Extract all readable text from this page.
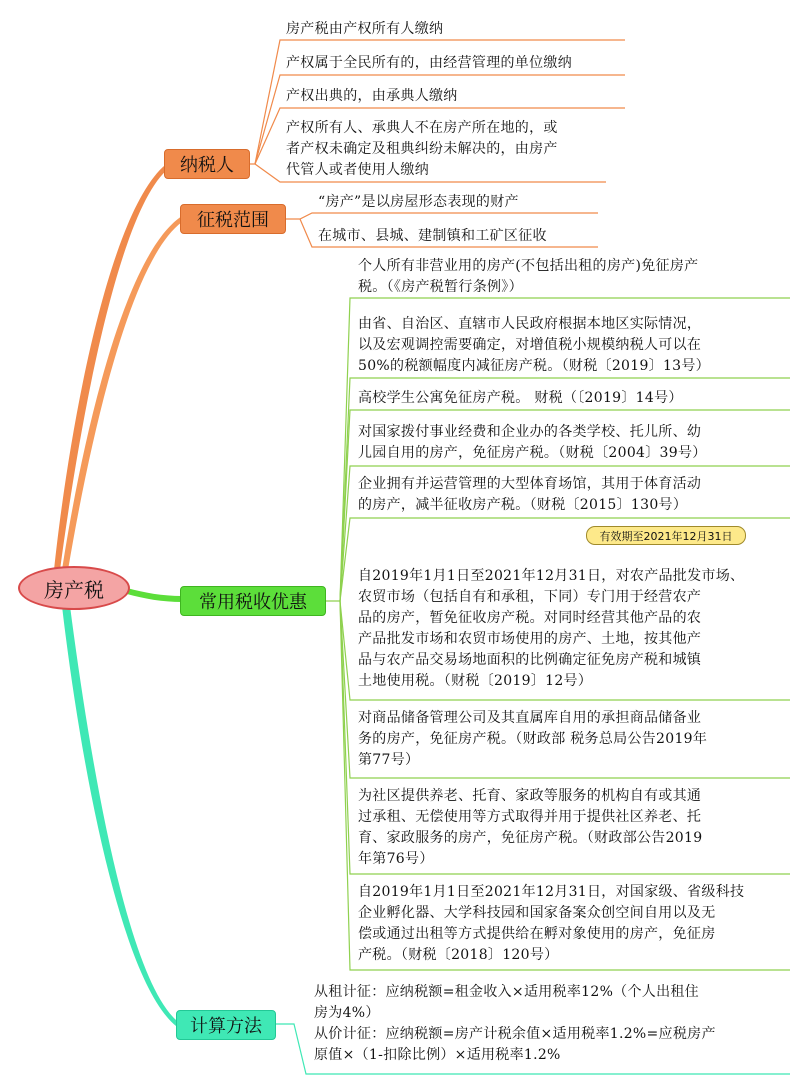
房产税
纳税人
征税范围
常用税收优惠
计算方法
房产税由产权所有人缴纳
产权属于全民所有的，由经营管理的单位缴纳
产权出典的，由承典人缴纳
产权所有人、承典人不在房产所在地的，或
者产权未确定及租典纠纷未解决的，由房产
代管人或者使用人缴纳
“房产”是以房屋形态表现的财产
在城市、县城、建制镇和工矿区征收
个人所有非营业用的房产(不包括出租的房产)免征房产
税。（《房产税暂行条例》）
由省、自治区、直辖市人民政府根据本地区实际情况，
以及宏观调控需要确定，对增值税小规模纳税人可以在
50%的税额幅度内减征房产税。（财税〔2019〕13号）
高校学生公寓免征房产税。 财税（〔2019〕14号）
对国家拨付事业经费和企业办的各类学校、托儿所、幼
儿园自用的房产，免征房产税。（财税〔2004〕39号）
企业拥有并运营管理的大型体育场馆，其用于体育活动
的房产，减半征收房产税。（财税〔2015〕130号）
有效期至2021年12月31日
自2019年1月1日至2021年12月31日，对农产品批发市场、
农贸市场（包括自有和承租，下同）专门用于经营农产
品的房产，暂免征收房产税。对同时经营其他产品的农
产品批发市场和农贸市场使用的房产、土地，按其他产
品与农产品交易场地面积的比例确定征免房产税和城镇
土地使用税。（财税〔2019〕12号）
对商品储备管理公司及其直属库自用的承担商品储备业
务的房产，免征房产税。（财政部 税务总局公告2019年
第77号）
为社区提供养老、托育、家政等服务的机构自有或其通
过承租、无偿使用等方式取得并用于提供社区养老、托
育、家政服务的房产，免征房产税。（财政部公告2019
年第76号）
自2019年1月1日至2021年12月31日，对国家级、省级科技
企业孵化器、大学科技园和国家备案众创空间自用以及无
偿或通过出租等方式提供给在孵对象使用的房产，免征房
产税。（财税〔2018〕120号）
从租计征：应纳税额=租金收入×适用税率12%（个人出租住
房为4%）
从价计征：应纳税额=房产计税余值×适用税率1.2%=应税房产
原值×（1-扣除比例）×适用税率1.2%
